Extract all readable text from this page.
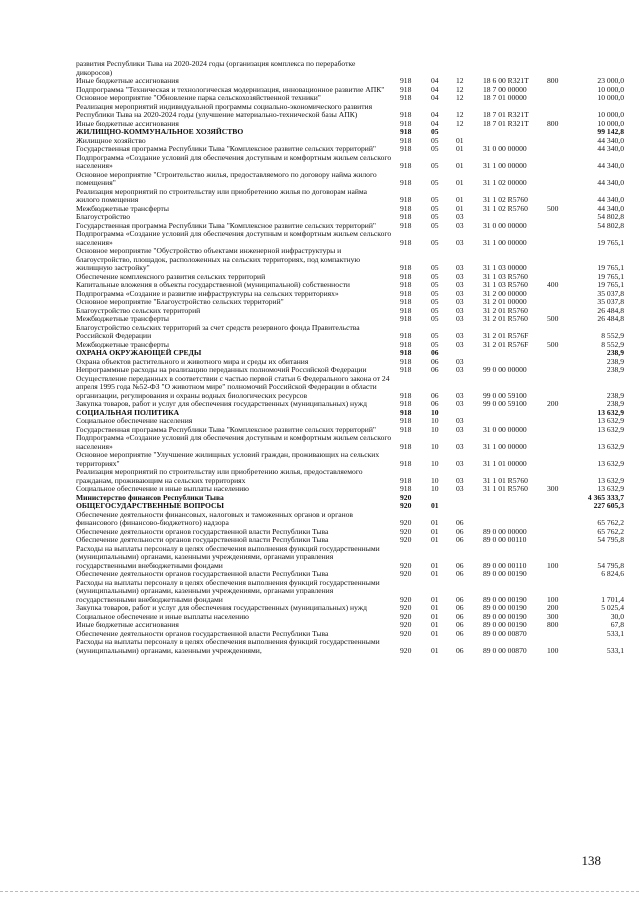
развития Республики Тыва на 2020-2024 годы (организация комплекса по переработке дикоросов)
Иные бюджетные ассигнования	918	04 12	18 6 00 R321T 800	23 000,0
Подпрограмма "Техническая и технологическая модернизация, инновационное развитие АПК"	918	04 12	18 7 00 00000	10 000,0
Основное мероприятие "Обновление парка сельскохозяйственной техники"	918	04 12	18 7 01 00000	10 000,0
Реализация мероприятий индивидуальной программы социально-экономического развития Республики Тыва на 2020-2024 годы (улучшение материально-технической базы АПК)	918	04 12	18 7 01 R321T	10 000,0
Иные бюджетные ассигнования	918	04 12	18 7 01 R321T 800	10 000,0
ЖИЛИЩНО-КОММУНАЛЬНОЕ ХОЗЯЙСТВО	918	05	99 142,8
Жилищное хозяйство	918	05 01	44 340,0
Государственная программа Республики Тыва "Комплексное развитие сельских территорий"	918	05 01	31 0 00 00000	44 340,0
Подпрограмма «Создание условий для обеспечения доступным и комфортным жильем сельского населения»	918	05 01	31 1 00 00000	44 340,0
Основное мероприятие "Строительство жилья, предоставляемого по договору найма жилого помещения"	918	05 01	31 1 02 00000	44 340,0
Реализация мероприятий по строительству или приобретению жилья по договорам найма жилого помещения	918	05 01	31 1 02 R5760	44 340,0
Межбюджетные трансферты	918	05 01	31 1 02 R5760	500	44 340,0
Благоустройство	918	05 03	54 802,8
Государственная программа Республики Тыва "Комплексное развитие сельских территорий"	918	05 03	31 0 00 00000	54 802,8
Подпрограмма «Создание условий для обеспечения доступным и комфортным жильем сельского населения»	918	05 03	31 1 00 00000	19 765,1
Основное мероприятие "Обустройство объектами инженерной инфраструктуры и благоустройство, площадок, расположенных на сельских территориях, под компактную жилищную застройку"	918	05 03	31 1 03 00000	19 765,1
Обеспечение комплексного развития сельских территорий	918	05 03	31 1 03 R5760	19 765,1
Капитальные вложения в объекты государственной (муниципальной) собственности	918	05 03	31 1 03 R5760	400	19 765,1
Подпрограмма «Создание и развитие инфраструктуры на сельских территориях»	918	05 03	31 2 00 00000	35 037,8
Основное мероприятие "Благоустройство сельских территорий"	918	05 03	31 2 01 00000	35 037,8
Благоустройство сельских территорий	918	05 03	31 2 01 R5760	26 484,8
Межбюджетные трансферты	918	05 03	31 2 01 R5760	500	26 484,8
Благоустройство сельских территорий за счет средств резервного фонда Правительства Российской Федерации	918	05 03	31 2 01 R576F	8 552,9
Межбюджетные трансферты	918	05 03	31 2 01 R576F 500	8 552,9
ОХРАНА ОКРУЖАЮЩЕЙ СРЕДЫ	918	06	238,9
Охрана объектов растительного и животного мира и среды их обитания	918	06 03	238,9
Непрограммные расходы на реализацию переданных полномочий Российской Федерации	918	06 03	99 0 00 00000	238,9
Осуществление переданных в соответствии с частью первой статьи 6 Федерального закона от 24 апреля 1995 года №52-ФЗ "О животном мире" полномочий Российской Федерации в области организации, регулирования и охраны водных биологических ресурсов	918	06 03	99 0 00 59100	238,9
Закупка товаров, работ и услуг для обеспечения государственных (муниципальных) нужд	918	06 03	99 0 00 59100	200	238,9
СОЦИАЛЬНАЯ ПОЛИТИКА	918	10	13 632,9
Социальное обеспечение населения	918	10 03	13 632,9
Государственная программа Республики Тыва "Комплексное развитие сельских территорий"	918	10 03	31 0 00 00000	13 632,9
Подпрограмма «Создание условий для обеспечения доступным и комфортным жильем сельского населения»	918	10 03	31 1 00 00000	13 632,9
Основное мероприятие "Улучшение жилищных условий граждан, проживающих на сельских территориях"	918	10 03	31 1 01 00000	13 632,9
Реализация мероприятий по строительству или приобретению жилья, предоставляемого гражданам, проживающим на сельских территориях	918	10 03	31 1 01 R5760	13 632,9
Социальное обеспечение и иные выплаты населению	918	10 03	31 1 01 R5760	300	13 632,9
Министерство финансов Республики Тыва	920	4 365 333,7
ОБЩЕГОСУДАРСТВЕННЫЕ ВОПРОСЫ	920	01	227 605,3
Обеспечение деятельности финансовых, налоговых и таможенных органов и органов финансового (финансово-бюджетного) надзора	920	01 06	65 762,2
Обеспечение деятельности органов государственной власти Республики Тыва	920	01 06	89 0 00 00000	65 762,2
Обеспечение деятельности органов государственной власти Республики Тыва	920	01 06	89 0 00 00110	54 795,8
Расходы на выплаты персоналу в целях обеспечения выполнения функций государственными (муниципальными) органами, казенными учреждениями, органами управления государственными внебюджетными фондами	920	01 06	89 0 00 00110	100	54 795,8
Обеспечение деятельности органов государственной власти Республики Тыва	920	01 06	89 0 00 00190	6 824,6
Расходы на выплаты персоналу в целях обеспечения выполнения функций государственными (муниципальными) органами, казенными учреждениями, органами управления государственными внебюджетными фондами	920	01 06	89 0 00 00190	100	1 701,4
Закупка товаров, работ и услуг для обеспечения государственных (муниципальных) нужд	920	01 06	89 0 00 00190	200	5 025,4
Социальное обеспечение и иные выплаты населению	920	01 06	89 0 00 00190	300	30,0
Иные бюджетные ассигнования	920	01 06	89 0 00 00190	800	67,8
Обеспечение деятельности органов государственной власти Республики Тыва	920	01 06	89 0 00 00870	533,1
Расходы на выплаты персоналу в целях обеспечения выполнения функций государственными (муниципальными) органами, казенными учреждениями,	920	01 06	89 0 00 00870	100	533,1
138
